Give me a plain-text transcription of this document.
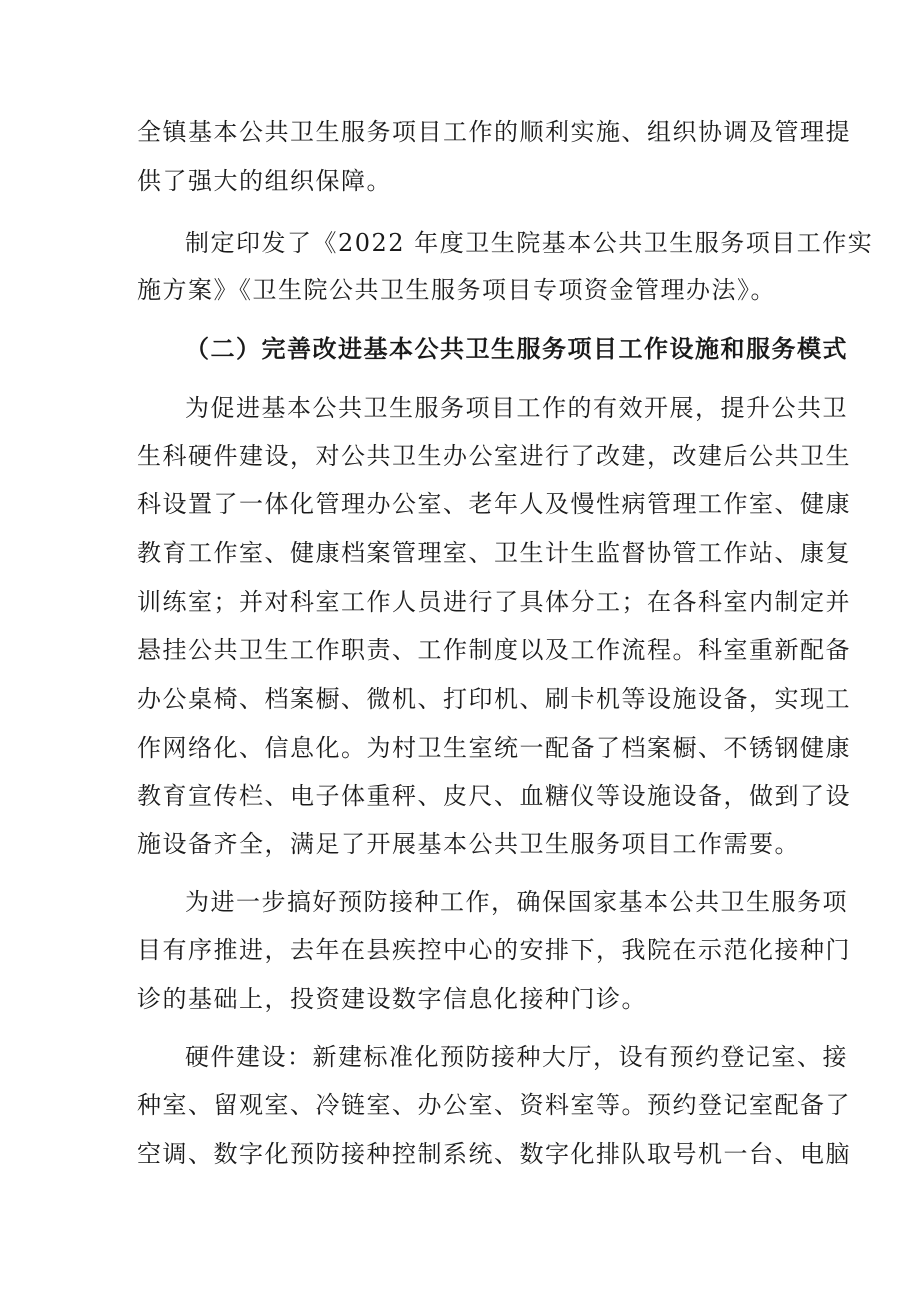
全镇基本公共卫生服务项目工作的顺利实施、组织协调及管理提
供了强大的组织保障。
制定印发了《2022 年度卫生院基本公共卫生服务项目工作实
施方案》《卫生院公共卫生服务项目专项资金管理办法》。
（二）完善改进基本公共卫生服务项目工作设施和服务模式
为促进基本公共卫生服务项目工作的有效开展，提升公共卫
生科硬件建设，对公共卫生办公室进行了改建，改建后公共卫生
科设置了一体化管理办公室、老年人及慢性病管理工作室、健康
教育工作室、健康档案管理室、卫生计生监督协管工作站、康复
训练室；并对科室工作人员进行了具体分工；在各科室内制定并
悬挂公共卫生工作职责、工作制度以及工作流程。科室重新配备
办公桌椅、档案橱、微机、打印机、刷卡机等设施设备，实现工
作网络化、信息化。为村卫生室统一配备了档案橱、不锈钢健康
教育宣传栏、电子体重秤、皮尺、血糖仪等设施设备，做到了设
施设备齐全，满足了开展基本公共卫生服务项目工作需要。
为进一步搞好预防接种工作，确保国家基本公共卫生服务项
目有序推进，去年在县疾控中心的安排下，我院在示范化接种门
诊的基础上，投资建设数字信息化接种门诊。
硬件建设：新建标准化预防接种大厅，设有预约登记室、接
种室、留观室、冷链室、办公室、资料室等。预约登记室配备了
空调、数字化预防接种控制系统、数字化排队取号机一台、电脑
